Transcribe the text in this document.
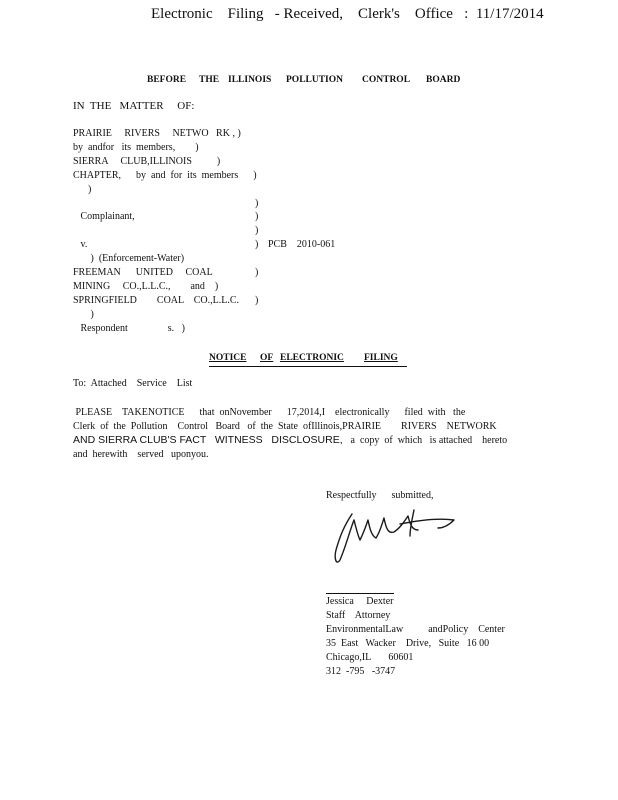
Electronic    Filing   - Received,    Clerk's    Office   :  11/17/2014
BEFORE THE ILLINOIS POLLUTION CONTROL BOARD
IN  THE   MATTER     OF:
PRAIRIE     RIVERS     NETWO   RK , )
by  andfor   its  members,        )
SIERRA     CLUB,ILLINOIS          )
CHAPTER,      by  and  for  its  members      )
)
Complainant,
v.
)  (Enforcement-Water)
FREEMAN      UNITED     COAL
MINING     CO.,L.L.C.,        and    )
SPRINGFIELD        COAL    CO.,L.L.C.
)
Respondent                s.   )
)
)
)
)
)
)
PCB    2010-061
NOTICE OF ELECTRONIC FILING
To:  Attached    Service    List
PLEASE    TAKENOTICE      that  onNovember      17,2014,I    electronically      filed  with   the
Clerk  of  the  Pollution    Control   Board   of  the  State  ofIllinois,PRAIRIE        RIVERS    NETWORK
AND SIERRA CLUB'S FACT   WITNESS   DISCLOSURE, a  copy  of  which   is attached    hereto
and  herewith    served   uponyou.
Respectfully      submitted,
Jessica     Dexter
Staff    Attorney
EnvironmentalLaw          andPolicy    Center
35  East   Wacker    Drive,   Suite   16 00
Chicago,IL       60601
312  -795   -3747
